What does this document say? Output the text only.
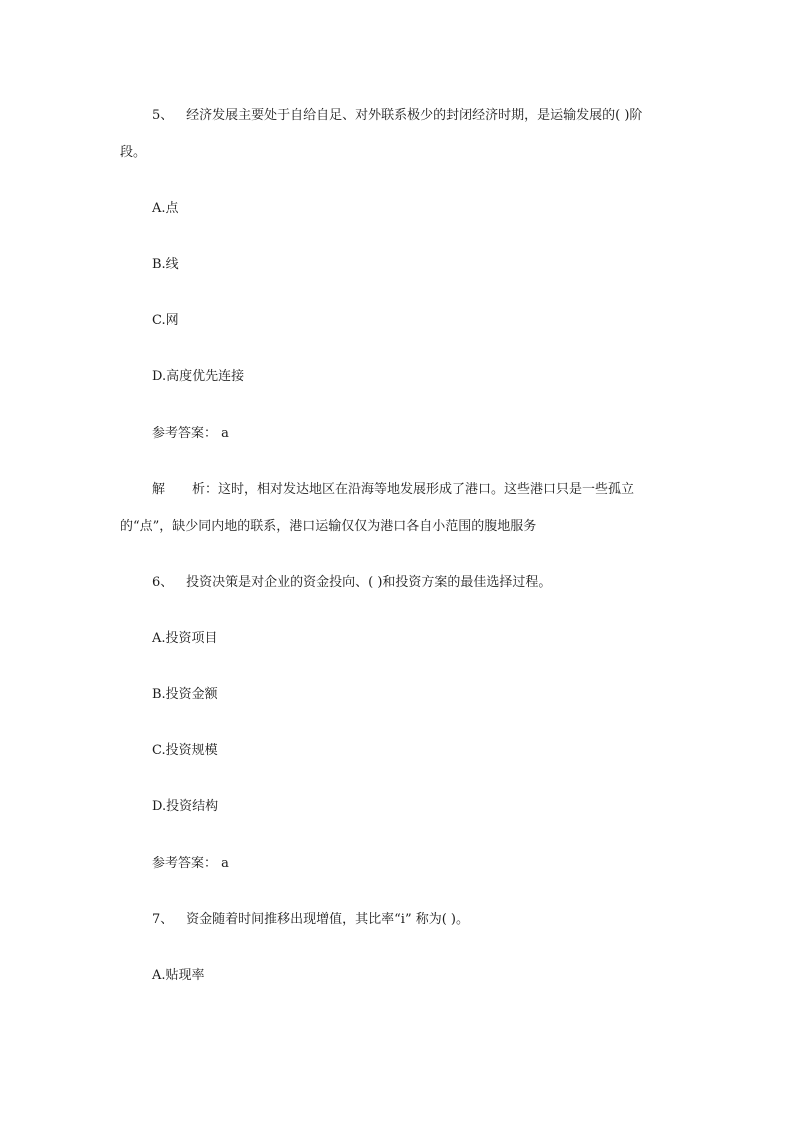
5、 经济发展主要处于自给自足、对外联系极少的封闭经济时期，是运输发展的( )阶
段。
A.点
B.线
C.网
D.高度优先连接
参考答案： a
解 析：这时，相对发达地区在沿海等地发展形成了港口。这些港口只是一些孤立
的“点”，缺少同内地的联系，港口运输仅仅为港口各自小范围的腹地服务
6、 投资决策是对企业的资金投向、( )和投资方案的最佳选择过程。
A.投资项目
B.投资金额
C.投资规模
D.投资结构
参考答案： a
7、 资金随着时间推移出现增值，其比率“i” 称为( )。
A.贴现率
